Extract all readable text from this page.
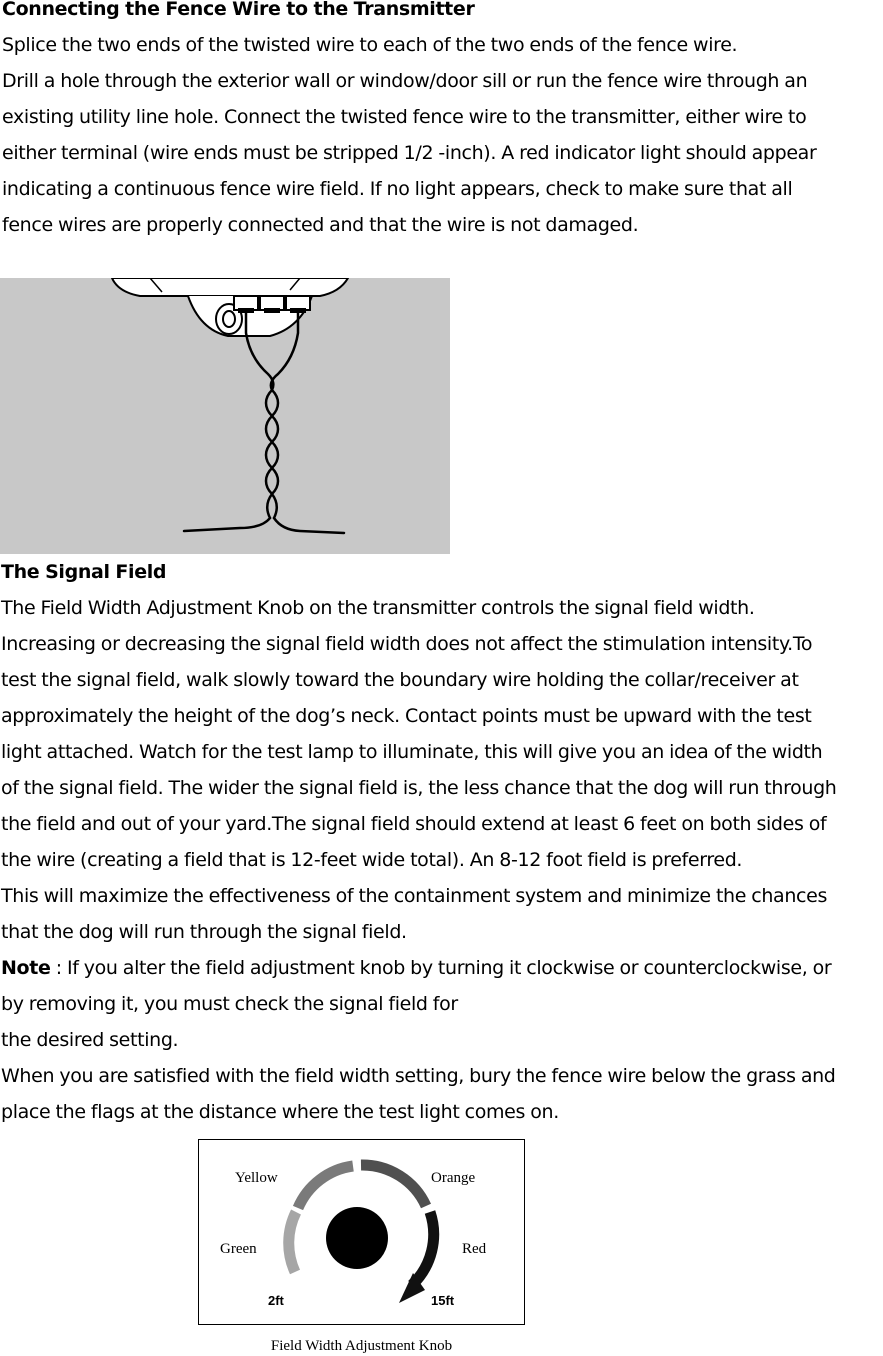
Connecting the Fence Wire to the Transmitter
Splice the two ends of the twisted wire to each of the two ends of the fence wire.
Drill a hole through the exterior wall or window/door sill or run the fence wire through an
existing utility line hole. Connect the twisted fence wire to the transmitter, either wire to
either terminal (wire ends must be stripped 1/2 -inch). A red indicator light should appear
indicating a continuous fence wire field. If no light appears, check to make sure that all
fence wires are properly connected and that the wire is not damaged.
The Signal Field
The Field Width Adjustment Knob on the transmitter controls the signal field width.
Increasing or decreasing the signal field width does not affect the stimulation intensity.To
test the signal field, walk slowly toward the boundary wire holding the collar/receiver at
approximately the height of the dog’s neck. Contact points must be upward with the test
light attached. Watch for the test lamp to illuminate, this will give you an idea of the width
of the signal field. The wider the signal field is, the less chance that the dog will run through
the field and out of your yard.The signal field should extend at least 6 feet on both sides of
the wire (creating a field that is 12-feet wide total). An 8-12 foot field is preferred.
This will maximize the effectiveness of the containment system and minimize the chances
that the dog will run through the signal field.
Note : If you alter the field adjustment knob by turning it clockwise or counterclockwise, or
by removing it, you must check the signal field for
the desired setting.
When you are satisfied with the field width setting, bury the fence wire below the grass and
place the flags at the distance where the test light comes on.
Yellow	Orange
Green	Red
2ft	15ft
Field Width Adjustment Knob
